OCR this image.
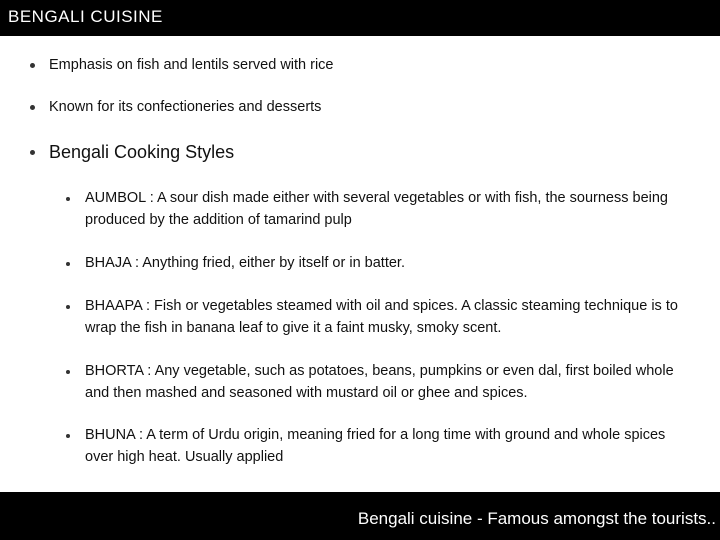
BENGALI CUISINE
Emphasis on fish and lentils served with rice
Known for its confectioneries and desserts
Bengali Cooking Styles
AUMBOL : A sour dish made either with several vegetables or with fish, the sourness being produced by the addition of tamarind pulp
BHAJA : Anything fried, either by itself or in batter.
BHAAPA : Fish or vegetables steamed with oil and spices. A classic steaming technique is to wrap the fish in banana leaf to give it a faint musky, smoky scent.
BHORTA : Any vegetable, such as potatoes, beans, pumpkins or even dal, first boiled whole and then mashed and seasoned with mustard oil or ghee and spices.
BHUNA : A term of Urdu origin, meaning fried for a long time with ground and whole spices over high heat. Usually applied
Bengali cuisine - Famous amongst the tourists..
